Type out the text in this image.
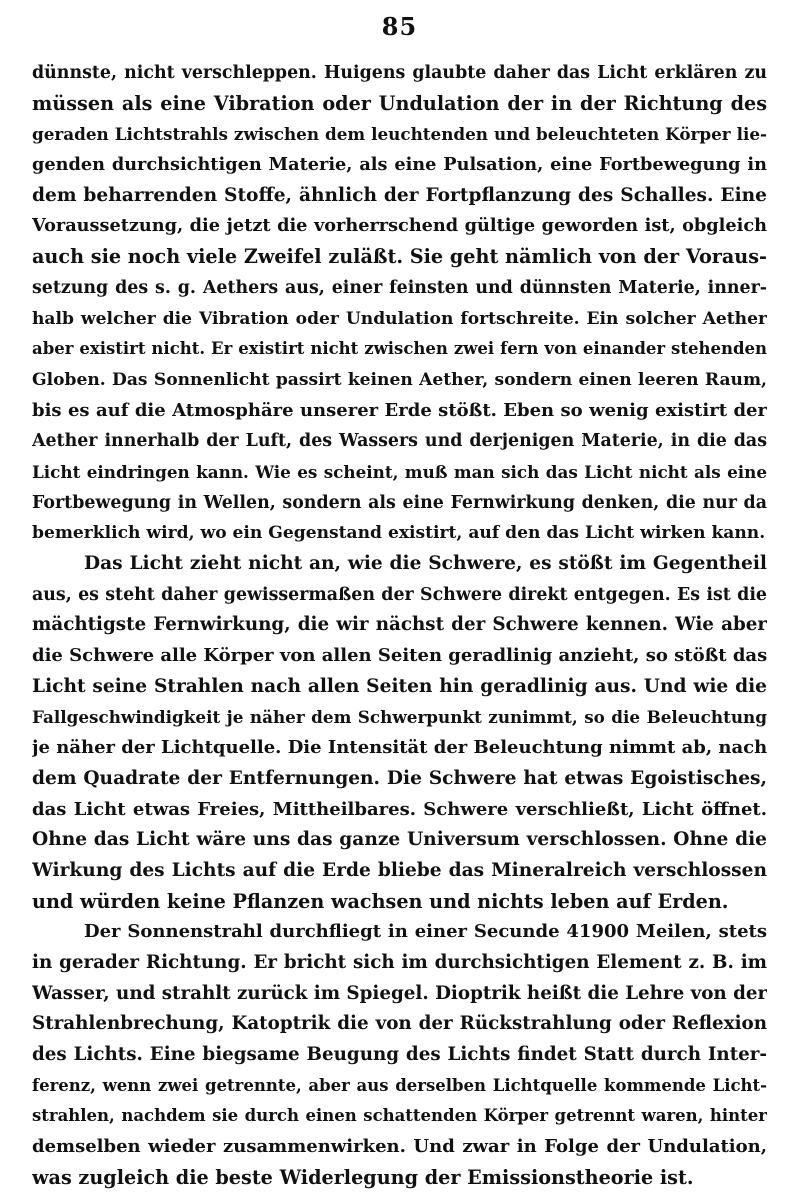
85
dünnste, nicht verschleppen. Huigens glaubte daher das Licht erklären zu
müssen als eine Vibration oder Undulation der in der Richtung des
geraden Lichtstrahls zwischen dem leuchtenden und beleuchteten Körper lie-
genden durchsichtigen Materie, als eine Pulsation, eine Fortbewegung in
dem beharrenden Stoffe, ähnlich der Fortpflanzung des Schalles. Eine
Voraussetzung, die jetzt die vorherrschend gültige geworden ist, obgleich
auch sie noch viele Zweifel zuläßt. Sie geht nämlich von der Voraus-
setzung des s. g. Aethers aus, einer feinsten und dünnsten Materie, inner-
halb welcher die Vibration oder Undulation fortschreite. Ein solcher Aether
aber existirt nicht. Er existirt nicht zwischen zwei fern von einander stehenden
Globen. Das Sonnenlicht passirt keinen Aether, sondern einen leeren Raum,
bis es auf die Atmosphäre unserer Erde stößt. Eben so wenig existirt der
Aether innerhalb der Luft, des Wassers und derjenigen Materie, in die das
Licht eindringen kann. Wie es scheint, muß man sich das Licht nicht als eine
Fortbewegung in Wellen, sondern als eine Fernwirkung denken, die nur da
bemerklich wird, wo ein Gegenstand existirt, auf den das Licht wirken kann.
Das Licht zieht nicht an, wie die Schwere, es stößt im Gegentheil
aus, es steht daher gewissermaßen der Schwere direkt entgegen. Es ist die
mächtigste Fernwirkung, die wir nächst der Schwere kennen. Wie aber
die Schwere alle Körper von allen Seiten geradlinig anzieht, so stößt das
Licht seine Strahlen nach allen Seiten hin geradlinig aus. Und wie die
Fallgeschwindigkeit je näher dem Schwerpunkt zunimmt, so die Beleuchtung
je näher der Lichtquelle. Die Intensität der Beleuchtung nimmt ab, nach
dem Quadrate der Entfernungen. Die Schwere hat etwas Egoistisches,
das Licht etwas Freies, Mittheilbares. Schwere verschließt, Licht öffnet.
Ohne das Licht wäre uns das ganze Universum verschlossen. Ohne die
Wirkung des Lichts auf die Erde bliebe das Mineralreich verschlossen
und würden keine Pflanzen wachsen und nichts leben auf Erden.
Der Sonnenstrahl durchfliegt in einer Secunde 41900 Meilen, stets
in gerader Richtung. Er bricht sich im durchsichtigen Element z. B. im
Wasser, und strahlt zurück im Spiegel. Dioptrik heißt die Lehre von der
Strahlenbrechung, Katoptrik die von der Rückstrahlung oder Reflexion
des Lichts. Eine biegsame Beugung des Lichts findet Statt durch Inter-
ferenz, wenn zwei getrennte, aber aus derselben Lichtquelle kommende Licht-
strahlen, nachdem sie durch einen schattenden Körper getrennt waren, hinter
demselben wieder zusammenwirken. Und zwar in Folge der Undulation,
was zugleich die beste Widerlegung der Emissionstheorie ist.
